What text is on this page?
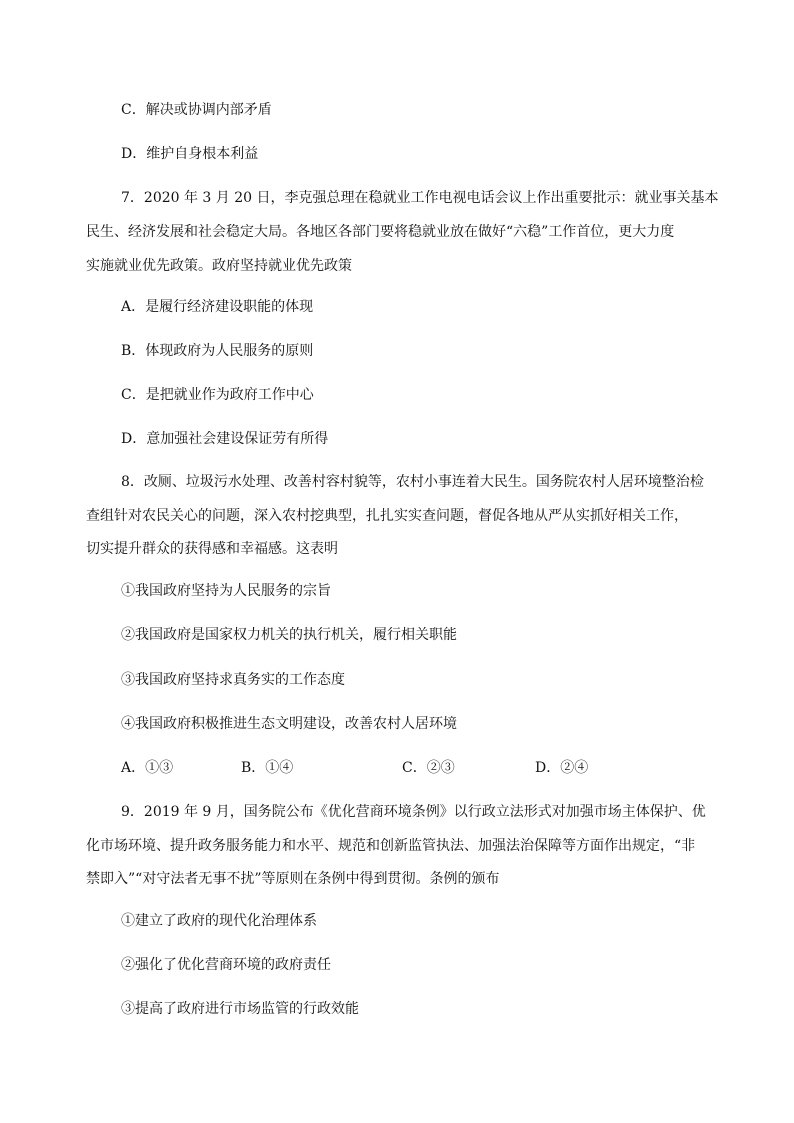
C．解决或协调内部矛盾
D．维护自身根本利益
7．2020 年 3 月 20 日，李克强总理在稳就业工作电视电话会议上作出重要批示：就业事关基本
民生、经济发展和社会稳定大局。各地区各部门要将稳就业放在做好“六稳”工作首位，更大力度
实施就业优先政策。政府坚持就业优先政策
A．是履行经济建设职能的体现
B．体现政府为人民服务的原则
C．是把就业作为政府工作中心
D．意加强社会建设保证劳有所得
8．改厕、垃圾污水处理、改善村容村貌等，农村小事连着大民生。国务院农村人居环境整治检
查组针对农民关心的问题，深入农村挖典型，扎扎实实查问题，督促各地从严从实抓好相关工作，
切实提升群众的获得感和幸福感。这表明
①我国政府坚持为人民服务的宗旨
②我国政府是国家权力机关的执行机关，履行相关职能
③我国政府坚持求真务实的工作态度
④我国政府积极推进生态文明建设，改善农村人居环境
A．①③	B．①④	C．②③	D．②④
9．2019 年 9 月，国务院公布《优化营商环境条例》以行政立法形式对加强市场主体保护、优
化市场环境、提升政务服务能力和水平、规范和创新监管执法、加强法治保障等方面作出规定，“非
禁即入”“对守法者无事不扰”等原则在条例中得到贯彻。条例的颁布
①建立了政府的现代化治理体系
②强化了优化营商环境的政府责任
③提高了政府进行市场监管的行政效能
